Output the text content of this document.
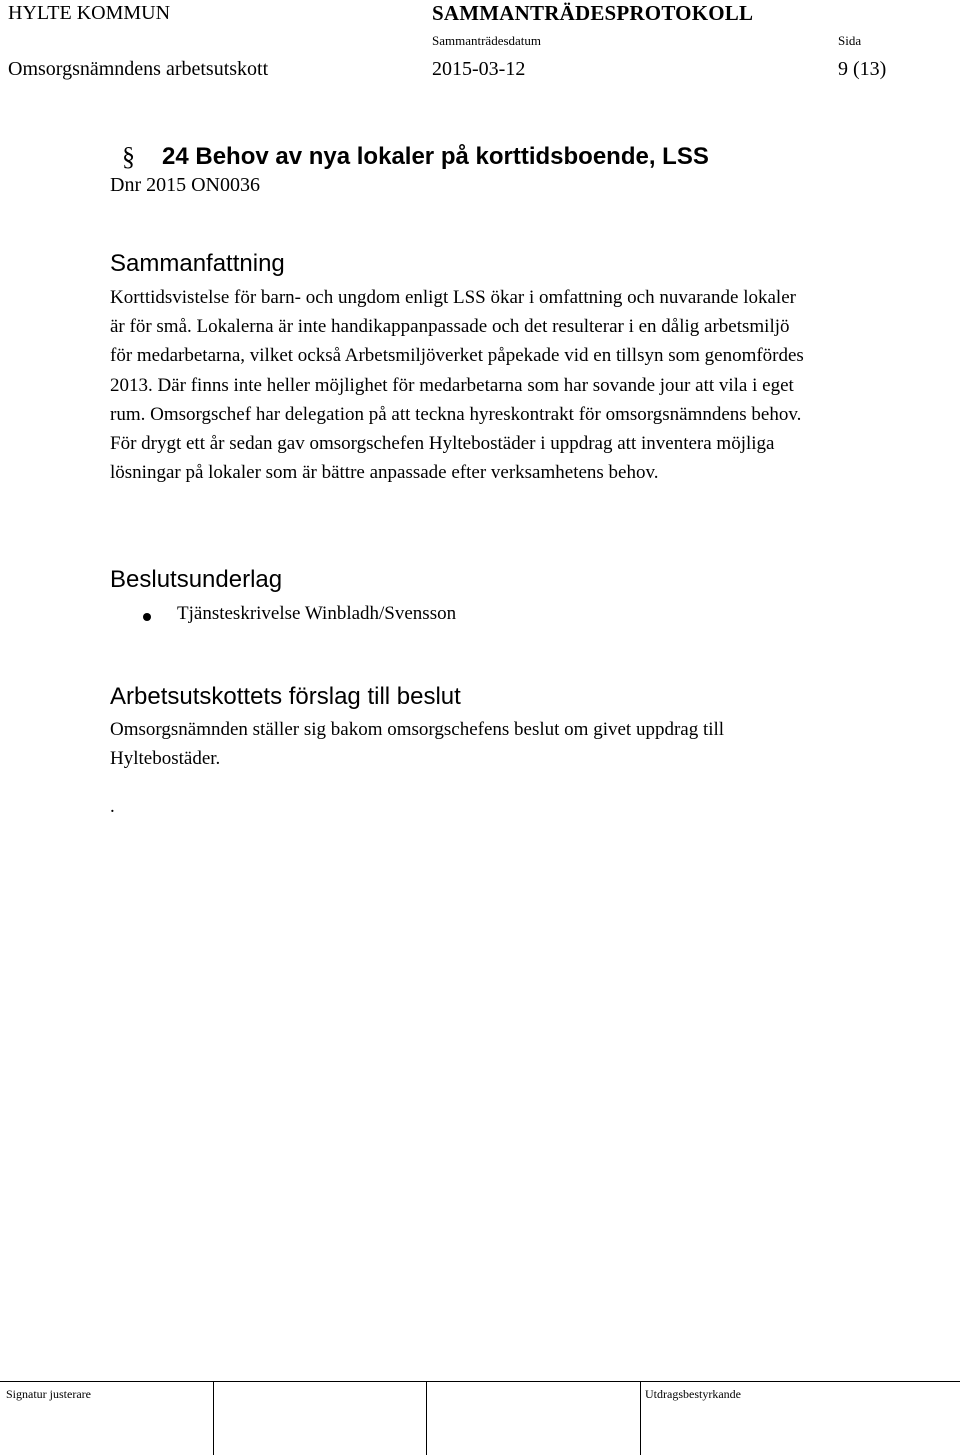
HYLTE KOMMUN	SAMMANTRÄDESPROTOKOLL
Sammanträdesdatum	Sida
Omsorgsnämndens arbetsutskott	2015-03-12	9 (13)
§ 24 Behov av nya lokaler på korttidsboende, LSS
Dnr 2015 ON0036
Sammanfattning
Korttidsvistelse för barn- och ungdom enligt LSS ökar i omfattning och nuvarande lokaler
är för små. Lokalerna är inte handikappanpassade och det resulterar i en dålig arbetsmiljö
för medarbetarna, vilket också Arbetsmiljöverket påpekade vid en tillsyn som genomfördes
2013. Där finns inte heller möjlighet för medarbetarna som har sovande jour att vila i eget
rum. Omsorgschef har delegation på att teckna hyreskontrakt för omsorgsnämndens behov.
För drygt ett år sedan gav omsorgschefen Hyltebostäder i uppdrag att inventera möjliga
lösningar på lokaler som är bättre anpassade efter verksamhetens behov.
Beslutsunderlag
Tjänsteskrivelse Winbladh/Svensson
Arbetsutskottets förslag till beslut
Omsorgsnämnden ställer sig bakom omsorgschefens beslut om givet uppdrag till
Hyltebostäder.
.
Signatur justerare	Utdragsbestyrkande
